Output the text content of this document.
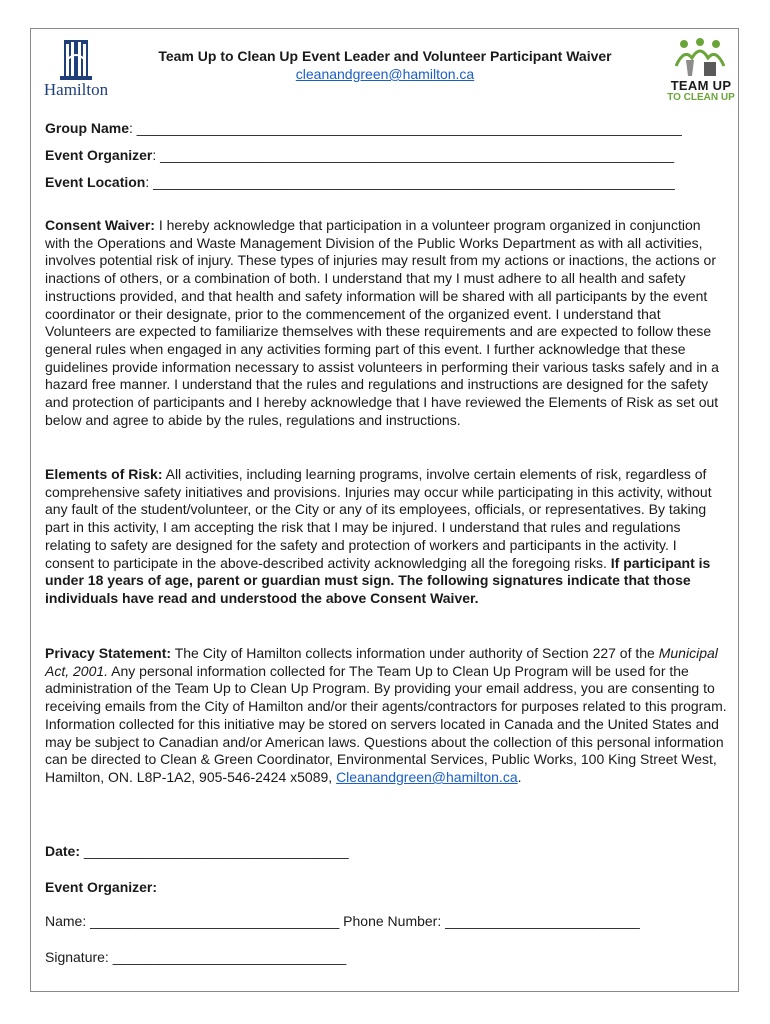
Hamilton	TEAM UP
TO CLEAN UP
Team Up to Clean Up Event Leader and Volunteer Participant Waiver
cleanandgreen@hamilton.ca
Group Name: ______________________________________________________________________
Event Organizer: __________________________________________________________________
Event Location: ___________________________________________________________________
Consent Waiver: I hereby acknowledge that participation in a volunteer program organized in conjunction with the Operations and Waste Management Division of the Public Works Department as with all activities, involves potential risk of injury. These types of injuries may result from my actions or inactions, the actions or inactions of others, or a combination of both. I understand that my I must adhere to all health and safety instructions provided, and that health and safety information will be shared with all participants by the event coordinator or their designate, prior to the commencement of the organized event. I understand that Volunteers are expected to familiarize themselves with these requirements and are expected to follow these general rules when engaged in any activities forming part of this event. I further acknowledge that these guidelines provide information necessary to assist volunteers in performing their various tasks safely and in a hazard free manner. I understand that the rules and regulations and instructions are designed for the safety and protection of participants and I hereby acknowledge that I have reviewed the Elements of Risk as set out below and agree to abide by the rules, regulations and instructions.
Elements of Risk: All activities, including learning programs, involve certain elements of risk, regardless of comprehensive safety initiatives and provisions. Injuries may occur while participating in this activity, without any fault of the student/volunteer, or the City or any of its employees, officials, or representatives. By taking part in this activity, I am accepting the risk that I may be injured. I understand that rules and regulations relating to safety are designed for the safety and protection of workers and participants in the activity. I consent to participate in the above-described activity acknowledging all the foregoing risks. If participant is under 18 years of age, parent or guardian must sign. The following signatures indicate that those individuals have read and understood the above Consent Waiver.
Privacy Statement: The City of Hamilton collects information under authority of Section 227 of the Municipal Act, 2001. Any personal information collected for The Team Up to Clean Up Program will be used for the administration of the Team Up to Clean Up Program. By providing your email address, you are consenting to receiving emails from the City of Hamilton and/or their agents/contractors for purposes related to this program. Information collected for this initiative may be stored on servers located in Canada and the United States and may be subject to Canadian and/or American laws. Questions about the collection of this personal information can be directed to Clean & Green Coordinator, Environmental Services, Public Works, 100 King Street West, Hamilton, ON. L8P-1A2, 905-546-2424 x5089, Cleanandgreen@hamilton.ca.
Date: __________________________________
Event Organizer:
Name: ________________________________ Phone Number: _________________________
Signature: ______________________________
